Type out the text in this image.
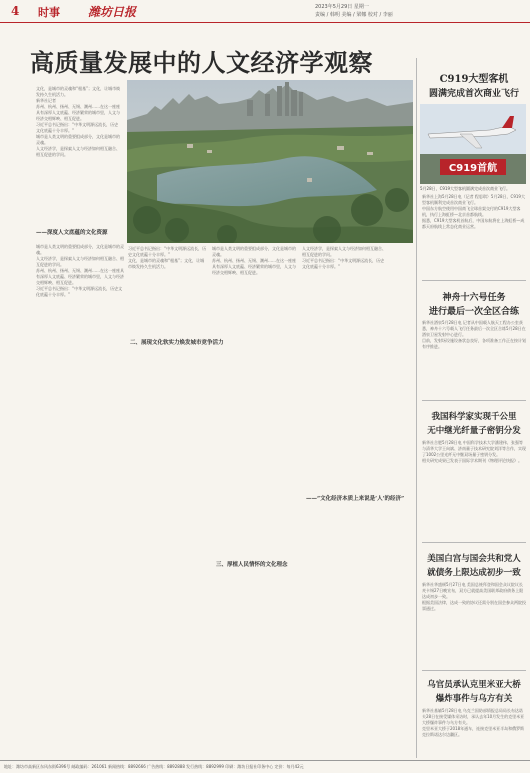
4 时事 潍坊日报	2023年5月29日 星期一
责编 / 韩明 美编 / 梁娜 校对 / 李丽
高质量发展中的人文经济学观察

文化，是城市的灵魂和“根基”；文化，让城市焕发持久生机活力。

新华社记者

苏州、杭州、扬州、无锡、潮州……在这一座座具有深厚人文底蕴、经济繁荣的城市里，人文与经济交相辉映、相互促进。

习近平总书记指出：“中华文明源远流长，历史文化底蕴十分丰厚。”

城市是人类文明的重要组成部分，文化是城市的灵魂。

人文经济学，是探索人文与经济如何相互融合、相互促进的学问。

——深度人文底蕴的文化资源

城市是人类文明的重要组成部分，文化是城市的灵魂。

人文经济学，是探索人文与经济如何相互融合、相互促进的学问。

苏州、杭州、扬州、无锡、潮州……在这一座座具有深厚人文底蕴、经济繁荣的城市里，人文与经济交相辉映、相互促进。

习近平总书记指出：“中华文明源远流长，历史文化底蕴十分丰厚。”

习近平总书记指出：“中华文明源远流长，历史文化底蕴十分丰厚。”

文化，是城市的灵魂和“根基”；文化，让城市焕发持久生机活力。

二、展现文化软实力焕发城市竞争活力

城市是人类文明的重要组成部分，文化是城市的灵魂。

苏州、杭州、扬州、无锡、潮州……在这一座座具有深厚人文底蕴、经济繁荣的城市里，人文与经济交相辉映、相互促进。

三、厚植人民情怀的文化理念

人文经济学，是探索人文与经济如何相互融合、相互促进的学问。

习近平总书记指出：“中华文明源远流长，历史文化底蕴十分丰厚。”

——“文化经济本质上来说是‘人’的经济”
C919大型客机
圆满完成首次商业飞行
C919首航
5月28日，C919大型客机圆满完成首次商业飞行。

新华社上海5月28日电（记者 程思琪）5月28日，C919大型客机顺利完成首次商业飞行。

中国东方航空使用中国商飞全球首架交付的C919大型客机，执行上海虹桥—北京首都航线。

据悉，C919大型客机首航后，中国东航将在上海虹桥—成都天府航线上常态化商业运营。

神舟十六号任务
进行最后一次全区合练

新华社酒泉5月28日电 记者从中国载人航天工程办公室获悉，神舟十六号载人飞行任务最后一次全区合练5月28日在酒泉卫星发射中心进行。

目前，发射场设施设备状态良好，各项准备工作正在按计划有序推进。

我国科学家实现千公里
无中继光纤量子密钥分发

新华社合肥5月28日电 中国科学技术大学潘建伟、张强等与清华大学王向斌、济南量子技术研究院刘洋等合作，实现了1002公里光纤无中继双场量子密钥分发。

相关研究成果已发表于国际学术期刊《物理评论快报》。

美国白宫与国会共和党人
就债务上限达成初步一致

新华社华盛顿5月27日电 美国总统拜登和国会众议院议长麦卡锡27日晚宣布，双方已就提高美国联邦政府债务上限达成初步一致。

根据美国法律，达成一致的协议还需分别在国会参众两院投票通过。

乌官员承认克里米亚大桥
爆炸事件与乌方有关

新华社基辅5月28日电 乌克兰国防部情报总局局长布达诺夫28日在接受媒体采访时，承认去年10月发生的克里米亚大桥爆炸事件与乌方有关。

克里米亚大桥于2018年通车，连接克里米亚半岛和俄罗斯克拉斯诺达尔边疆区。

地址：潍坊市高新区东风东街6396号 邮政编码：261061 新闻热线：8892666 广告热线：8892888 发行热线：8892999 印刷：潍坊日报社印务中心 定价：每月42元
